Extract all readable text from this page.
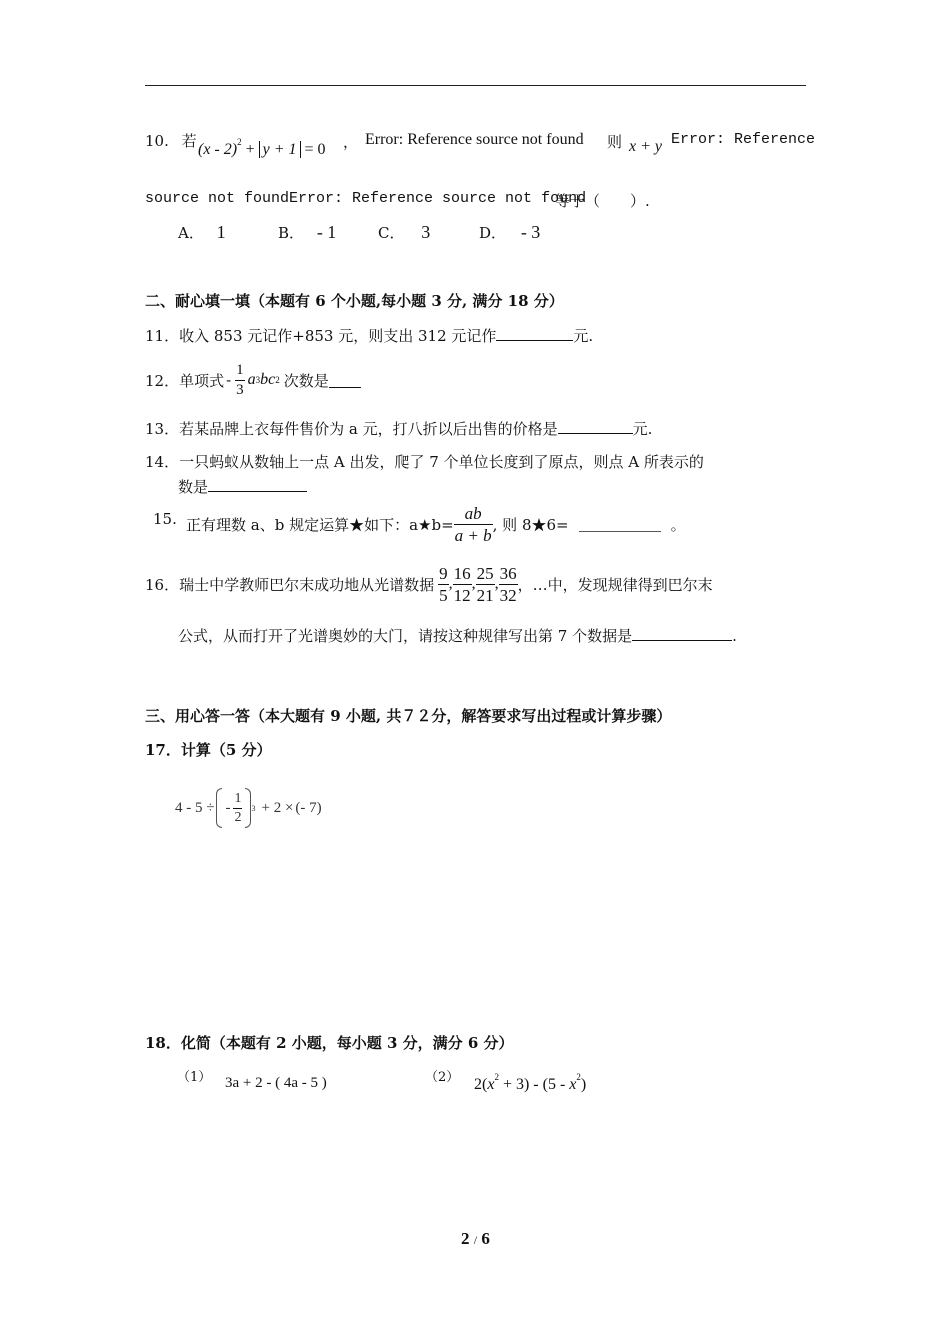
10. 若 (x - 2)$^2$ + y + 1 = 0 ， Error: Reference source not found 则 x + y Error: Reference
source not foundError: Reference source not found
等于（　　）.
A． 1	B． - 1	C． 3	D． - 3
二、耐心填一填（本题有 6 个小题,每小题 3 分, 满分 18 分）
11．收入 853 元记作+853 元，则支出 312 元记作	元.
12．单项式 - $\frac{1}{3}$ a 3 bc 2 次数是
13．若某品牌上衣每件售价为 a 元，打八折以后出售的价格是	元.
14．一只蚂蚁从数轴上一点 A 出发，爬了 7 个单位长度到了原点，则点 A 所表示的
数是
15. 正有理数 a、b 规定运算★如下：a★b= $\frac{ab}{a + b}$ , 则 8★6=	。
16．瑞士中学教师巴尔末成功地从光谱数据 $\frac{9}{5}$ , $\frac{16}{12}$ , $\frac{25}{21}$ , $\frac{36}{32}$ ，…中，发现规律得到巴尔末
公式，从而打开了光谱奥妙的大门，请按这种规律写出第 7 个数据是	.
三、用心答一答（本大题有 9 小题, 共７２分，解答要求写出过程或计算步骤）
17．计算（5 分）
4 - 5 ÷ - $\frac{1}{2} 3 + 2$ × (- 7)
18．化简（本题有 2 小题，每小题 3 分，满分 6 分）
（1） 3a + 2 - ( 4a - 5 )	（2） $2(x^2 + 3) - (5 - x^2)$
2 / 6
